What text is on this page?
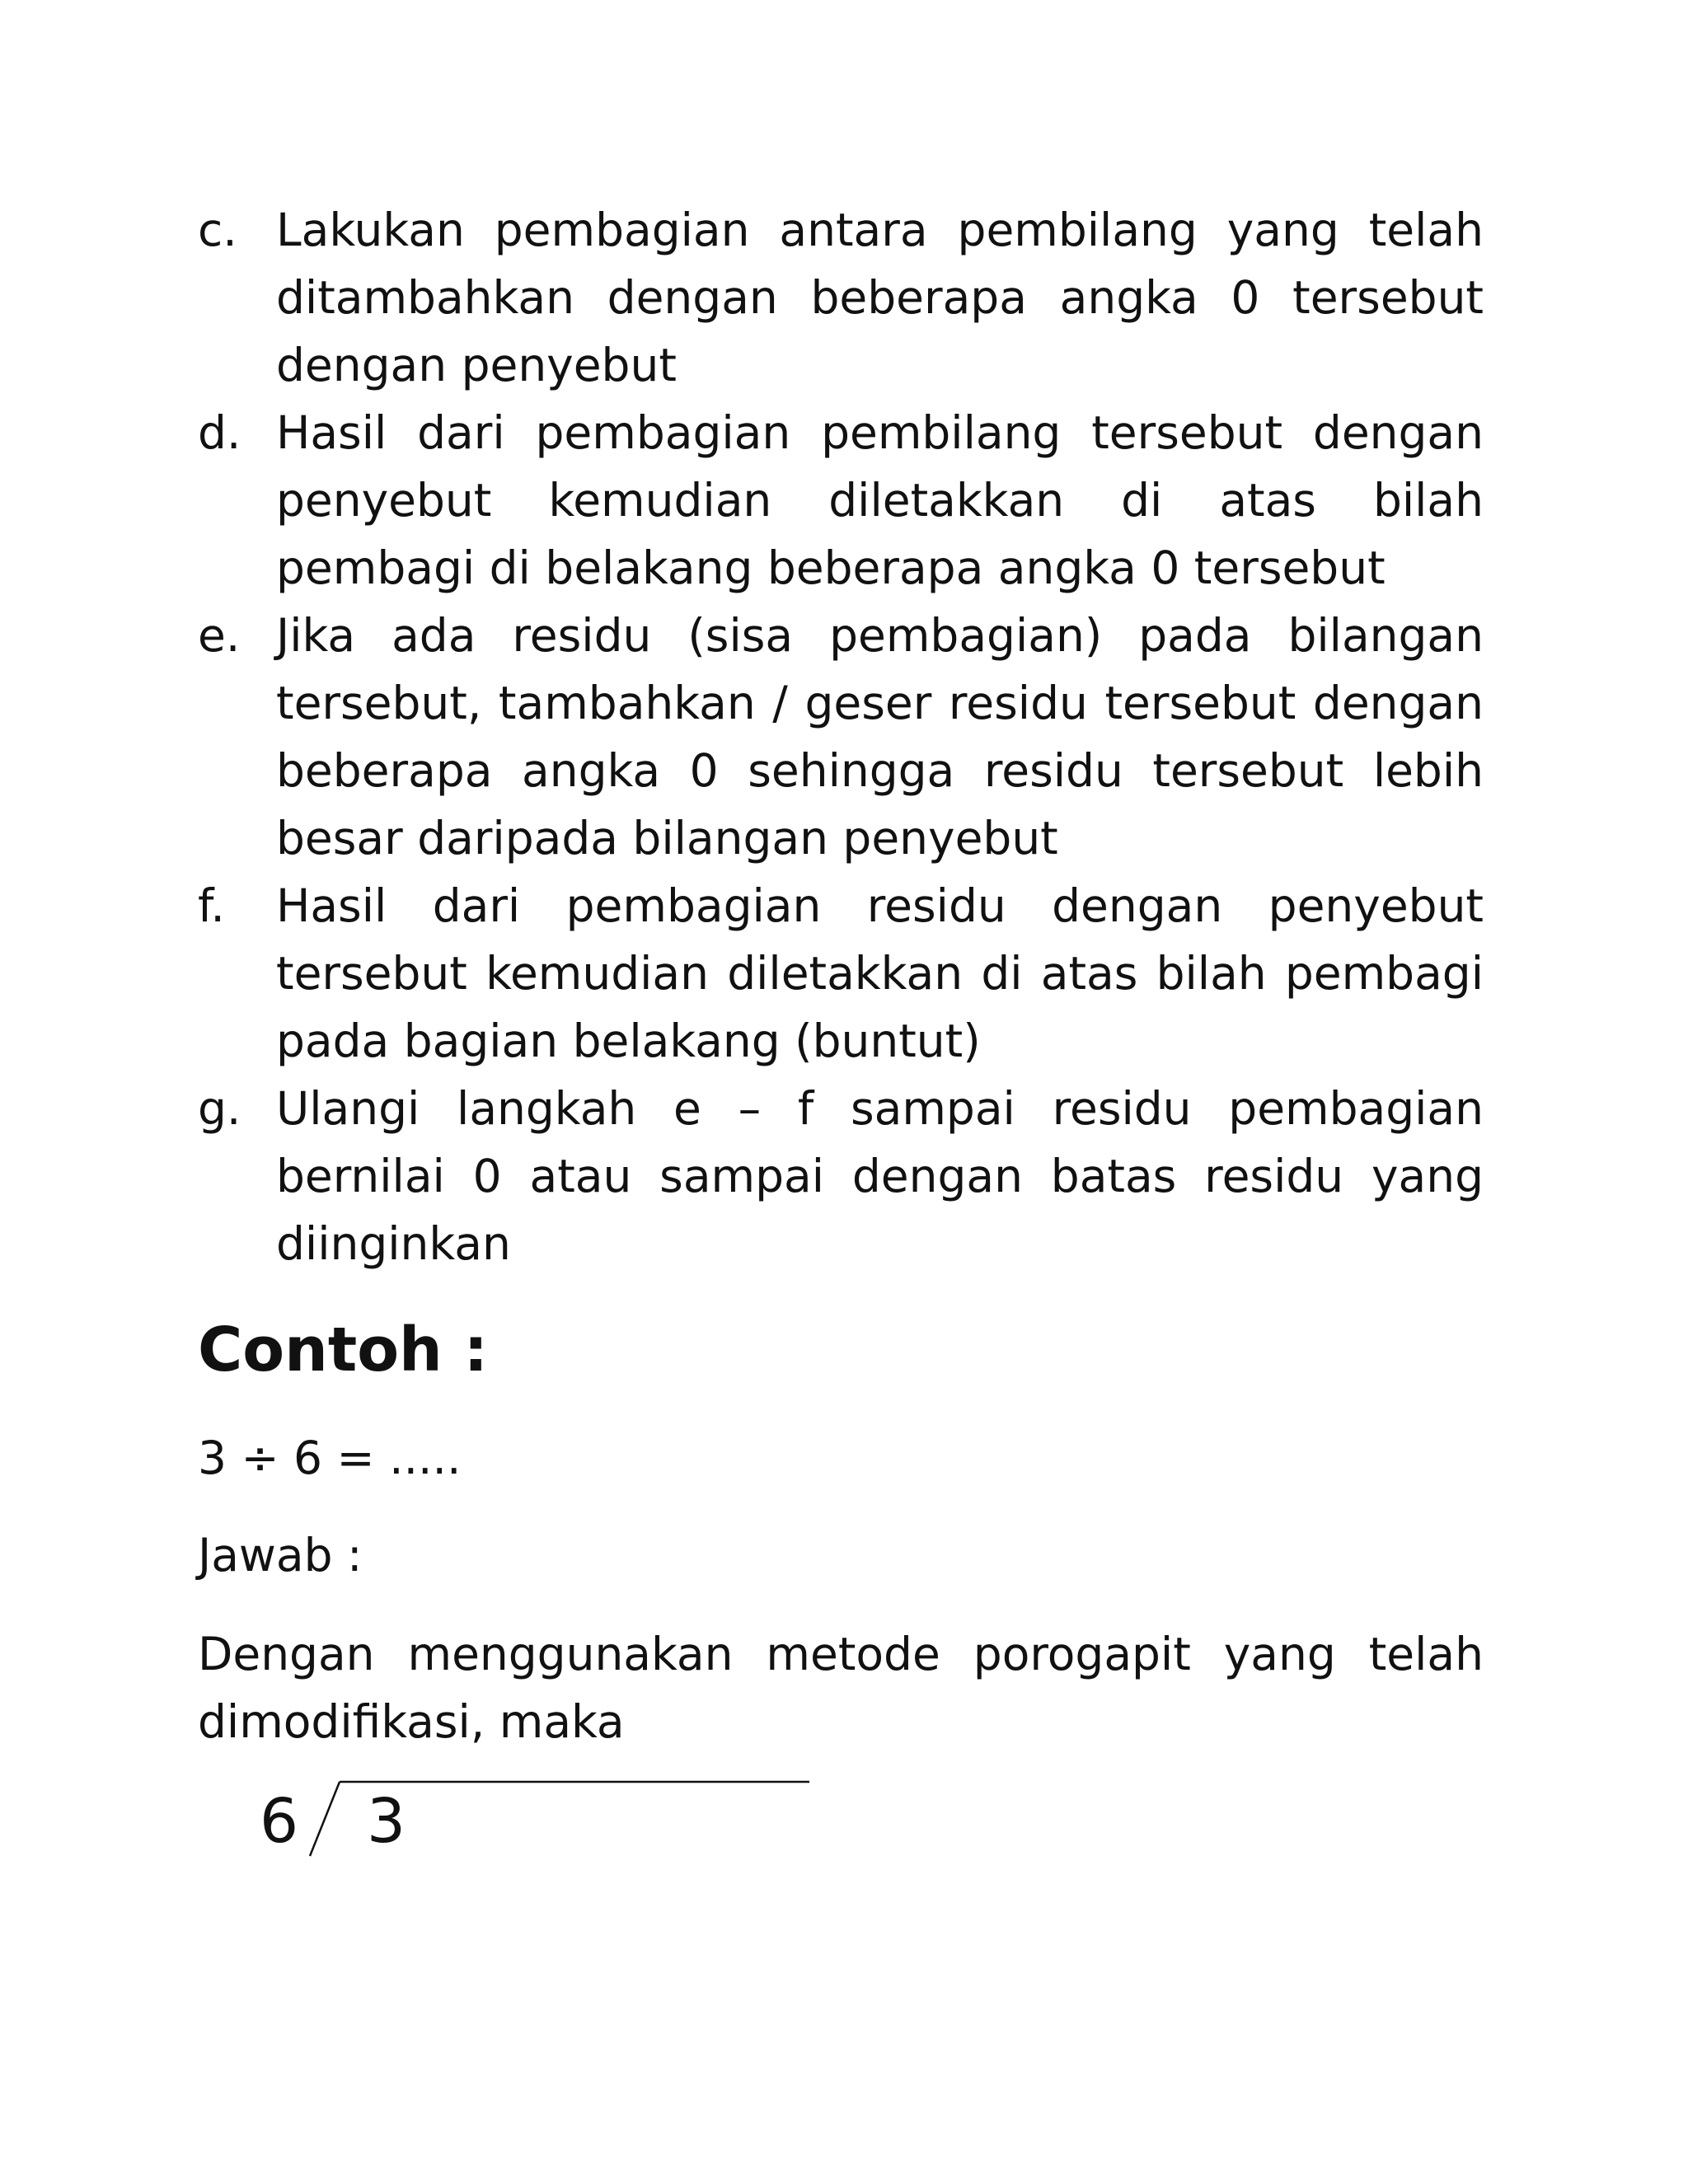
c. Lakukan pembagian antara pembilang yang telah ditambahkan dengan beberapa angka 0 tersebut dengan penyebut
d. Hasil dari pembagian pembilang tersebut dengan penyebut kemudian diletakkan di atas bilah pembagi di belakang beberapa angka 0 tersebut
e. Jika ada residu (sisa pembagian) pada bilangan tersebut, tambahkan / geser residu tersebut dengan beberapa angka 0 sehingga residu tersebut lebih besar daripada bilangan penyebut
f.	Hasil dari pembagian residu dengan penyebut tersebut kemudian diletakkan di atas bilah pembagi pada bagian belakang (buntut)
g. Ulangi langkah e – f sampai residu pembagian bernilai 0 atau sampai dengan batas residu yang diinginkan
Contoh :

3 ÷ 6 = .....

Jawab :

Dengan menggunakan metode porogapit yang telah dimodifikasi, maka

6 3
